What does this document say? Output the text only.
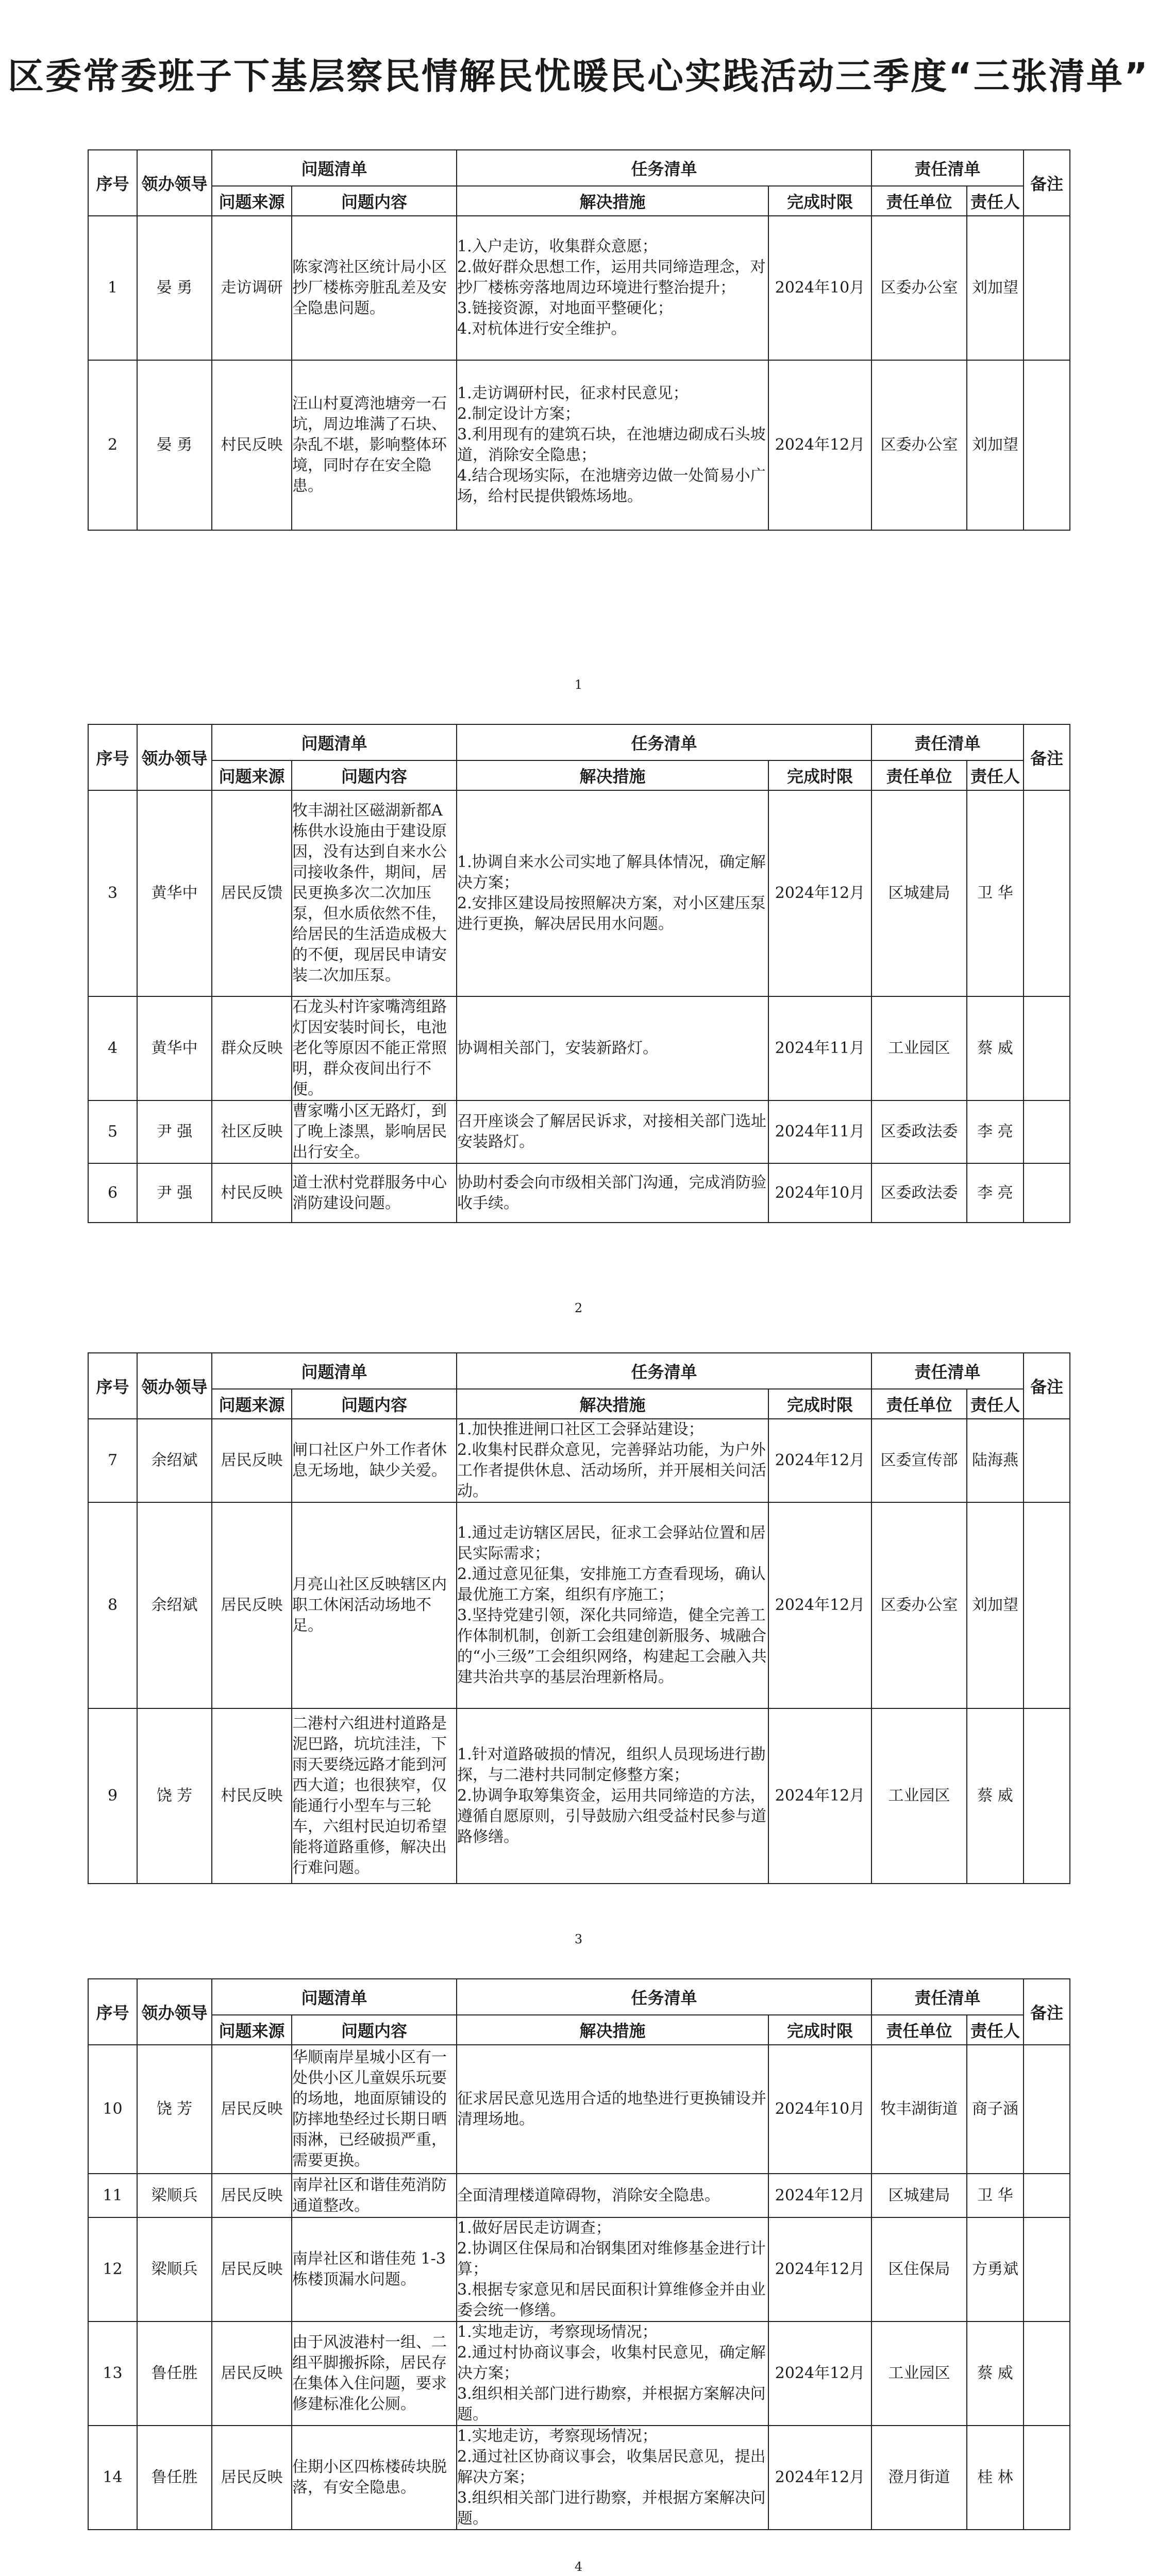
区委常委班子下基层察民情解民忧暖民心实践活动三季度“三张清单”
序号	领办领导	问题清单		任务清单		责任清单		备注
		问题来源	问题内容	解决措施	完成时限	责任单位	责任人	
1	晏 勇	走访调研	陈家湾社区统计局小区抄厂楼栋旁脏乱差及安全隐患问题。	1.入户走访，收集群众意愿；
2.做好群众思想工作，运用共同缔造理念，对抄厂楼栋旁落地周边环境进行整治提升；
3.链接资源，对地面平整硬化；
4.对杭体进行安全维护。	2024年10月	区委办公室	刘加望	
2	晏 勇	村民反映	汪山村夏湾池塘旁一石坑，周边堆满了石块、杂乱不堪，影响整体环境，同时存在安全隐患。	1.走访调研村民，征求村民意见；
2.制定设计方案；
3.利用现有的建筑石块，在池塘边砌成石头坡道，消除安全隐患；
4.结合现场实际，在池塘旁边做一处简易小广场，给村民提供锻炼场地。	2024年12月	区委办公室	刘加望	
1
序号	领办领导	问题清单		任务清单		责任清单		备注
		问题来源	问题内容	解决措施	完成时限	责任单位	责任人	
3	黄华中	居民反馈	牧丰湖社区磁湖新都A栋供水设施由于建设原因，没有达到自来水公司接收条件，期间，居民更换多次二次加压泵，但水质依然不佳，给居民的生活造成极大的不便，现居民申请安装二次加压泵。	1.协调自来水公司实地了解具体情况，确定解决方案；
2.安排区建设局按照解决方案，对小区建压泵进行更换，解决居民用水问题。	2024年12月	区城建局	卫 华	
4	黄华中	群众反映	石龙头村许家嘴湾组路灯因安装时间长，电池老化等原因不能正常照明，群众夜间出行不便。	协调相关部门，安装新路灯。	2024年11月	工业园区	蔡 威	
5	尹 强	社区反映	曹家嘴小区无路灯，到了晚上漆黑，影响居民出行安全。	召开座谈会了解居民诉求，对接相关部门选址安装路灯。	2024年11月	区委政法委	李 亮	
6	尹 强	村民反映	道士洑村党群服务中心消防建设问题。	协助村委会向市级相关部门沟通，完成消防验收手续。	2024年10月	区委政法委	李 亮	
2
序号	领办领导	问题清单		任务清单		责任清单		备注
		问题来源	问题内容	解决措施	完成时限	责任单位	责任人	
7	余绍斌	居民反映	闸口社区户外工作者休息无场地，缺少关爱。	1.加快推进闸口社区工会驿站建设；
2.收集村民群众意见，完善驿站功能，为户外工作者提供休息、活动场所，并开展相关问活动。	2024年12月	区委宣传部	陆海燕	
8	余绍斌	居民反映	月亮山社区反映辖区内职工休闲活动场地不足。	1.通过走访辖区居民，征求工会驿站位置和居民实际需求；
2.通过意见征集，安排施工方查看现场，确认最优施工方案，组织有序施工；
3.坚持党建引领，深化共同缔造，健全完善工作体制机制，创新工会组建创新服务、城融合的“小三级”工会组织网络，构建起工会融入共建共治共享的基层治理新格局。	2024年12月	区委办公室	刘加望	
9	饶 芳	村民反映	二港村六组进村道路是泥巴路，坑坑洼洼，下雨天要绕远路才能到河西大道；也很狭窄，仅能通行小型车与三轮车，六组村民迫切希望能将道路重修，解决出行难问题。	1.针对道路破损的情况，组织人员现场进行勘探，与二港村共同制定修整方案；
2.协调争取筹集资金，运用共同缔造的方法，遵循自愿原则，引导鼓励六组受益村民参与道路修缮。	2024年12月	工业园区	蔡 威	
3
序号	领办领导	问题清单		任务清单		责任清单		备注
		问题来源	问题内容	解决措施	完成时限	责任单位	责任人	
10	饶 芳	居民反映	华顺南岸星城小区有一处供小区儿童娱乐玩要的场地，地面原铺设的防摔地垫经过长期日晒雨淋，已经破损严重，需要更换。	征求居民意见选用合适的地垫进行更换铺设并清理场地。	2024年10月	牧丰湖街道	商子涵	
11	梁顺兵	居民反映	南岸社区和谐佳苑消防通道整改。	全面清理楼道障碍物，消除安全隐患。	2024年12月	区城建局	卫 华	
12	梁顺兵	居民反映	南岸社区和谐佳苑 1-3栋楼顶漏水问题。	1.做好居民走访调查；
2.协调区住保局和冶钢集团对维修基金进行计算；
3.根据专家意见和居民面积计算维修金并由业委会统一修缮。	2024年12月	区住保局	方勇斌	
13	鲁任胜	居民反映	由于风波港村一组、二组平脚搬拆除，居民存在集体入住问题，要求修建标准化公厕。	1.实地走访，考察现场情况；
2.通过村协商议事会，收集村民意见，确定解决方案；
3.组织相关部门进行勘察，并根据方案解决问题。	2024年12月	工业园区	蔡 威	
14	鲁任胜	居民反映	住期小区四栋楼砖块脱落，有安全隐患。	1.实地走访，考察现场情况；
2.通过社区协商议事会，收集居民意见，提出解决方案；
3.组织相关部门进行勘察，并根据方案解决问题。	2024年12月	澄月街道	桂 林	
4
